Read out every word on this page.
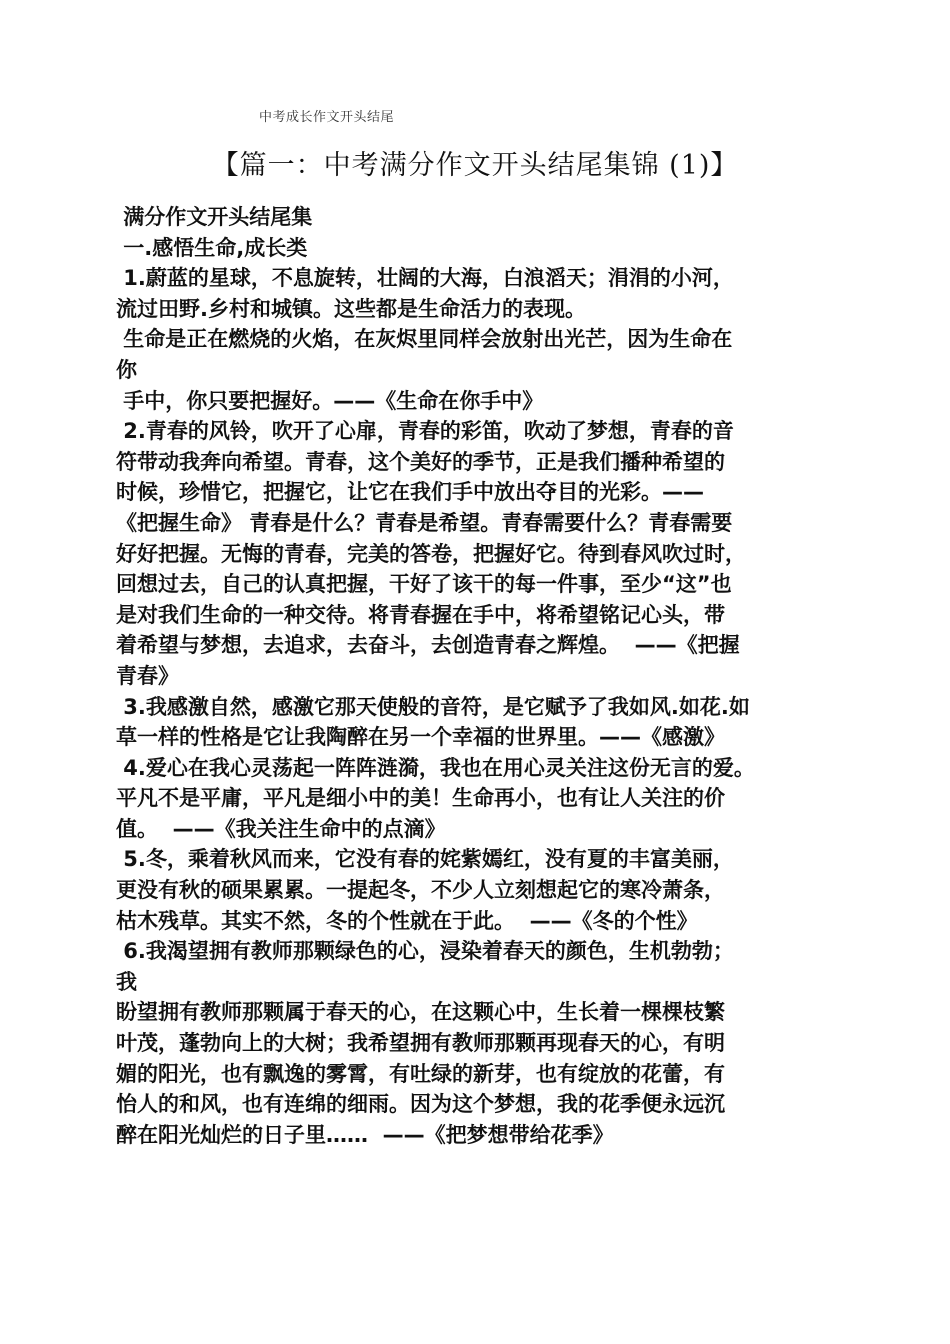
中考成长作文开头结尾
【篇一：中考满分作文开头结尾集锦 (1)】
满分作文开头结尾集
一.感悟生命,成长类
1.蔚蓝的星球，不息旋转，壮阔的大海，白浪滔天；涓涓的小河，
流过田野.乡村和城镇。这些都是生命活力的表现。
生命是正在燃烧的火焰，在灰烬里同样会放射出光芒，因为生命在
你
手中，你只要把握好。——《生命在你手中》
2.青春的风铃，吹开了心扉，青春的彩笛，吹动了梦想，青春的音
符带动我奔向希望。青春，这个美好的季节，正是我们播种希望的
时候，珍惜它，把握它，让它在我们手中放出夺目的光彩。——
《把握生命》 青春是什么？青春是希望。青春需要什么？青春需要
好好把握。无悔的青春，完美的答卷，把握好它。待到春风吹过时，
回想过去，自己的认真把握，干好了该干的每一件事，至少“这”也
是对我们生命的一种交待。将青春握在手中，将希望铭记心头，带
着希望与梦想，去追求，去奋斗，去创造青春之辉煌。  ——《把握
青春》
3.我感激自然，感激它那天使般的音符，是它赋予了我如风.如花.如
草一样的性格是它让我陶醉在另一个幸福的世界里。——《感激》
4.爱心在我心灵荡起一阵阵涟漪，我也在用心灵关注这份无言的爱。
平凡不是平庸，平凡是细小中的美！生命再小，也有让人关注的价
值。  ——《我关注生命中的点滴》
5.冬，乘着秋风而来，它没有春的姹紫嫣红，没有夏的丰富美丽，
更没有秋的硕果累累。一提起冬，不少人立刻想起它的寒冷萧条，
枯木残草。其实不然，冬的个性就在于此。  ——《冬的个性》
6.我渴望拥有教师那颗绿色的心，浸染着春天的颜色，生机勃勃；
我
盼望拥有教师那颗属于春天的心，在这颗心中，生长着一棵棵枝繁
叶茂，蓬勃向上的大树；我希望拥有教师那颗再现春天的心，有明
媚的阳光，也有飘逸的雾霄，有吐绿的新芽，也有绽放的花蕾，有
怡人的和风，也有连绵的细雨。因为这个梦想，我的花季便永远沉
醉在阳光灿烂的日子里……  ——《把梦想带给花季》
